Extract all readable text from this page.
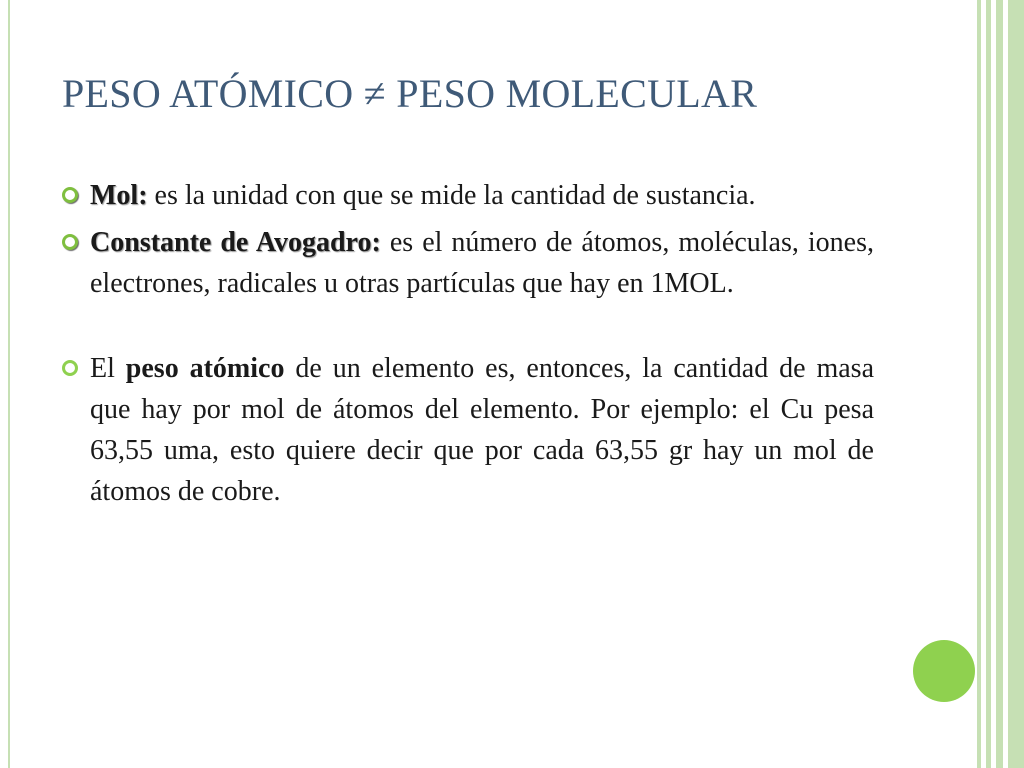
PESO ATÓMICO ≠ PESO MOLECULAR

Mol: es la unidad con que se mide la cantidad de sustancia.

Constante de Avogadro: es el número de átomos, moléculas, iones, electrones, radicales u otras partículas que hay en 1MOL.

El peso atómico de un elemento es, entonces, la cantidad de masa que hay por mol de átomos del elemento. Por ejemplo: el Cu pesa 63,55 uma, esto quiere decir que por cada 63,55 gr hay un mol de átomos de cobre.
